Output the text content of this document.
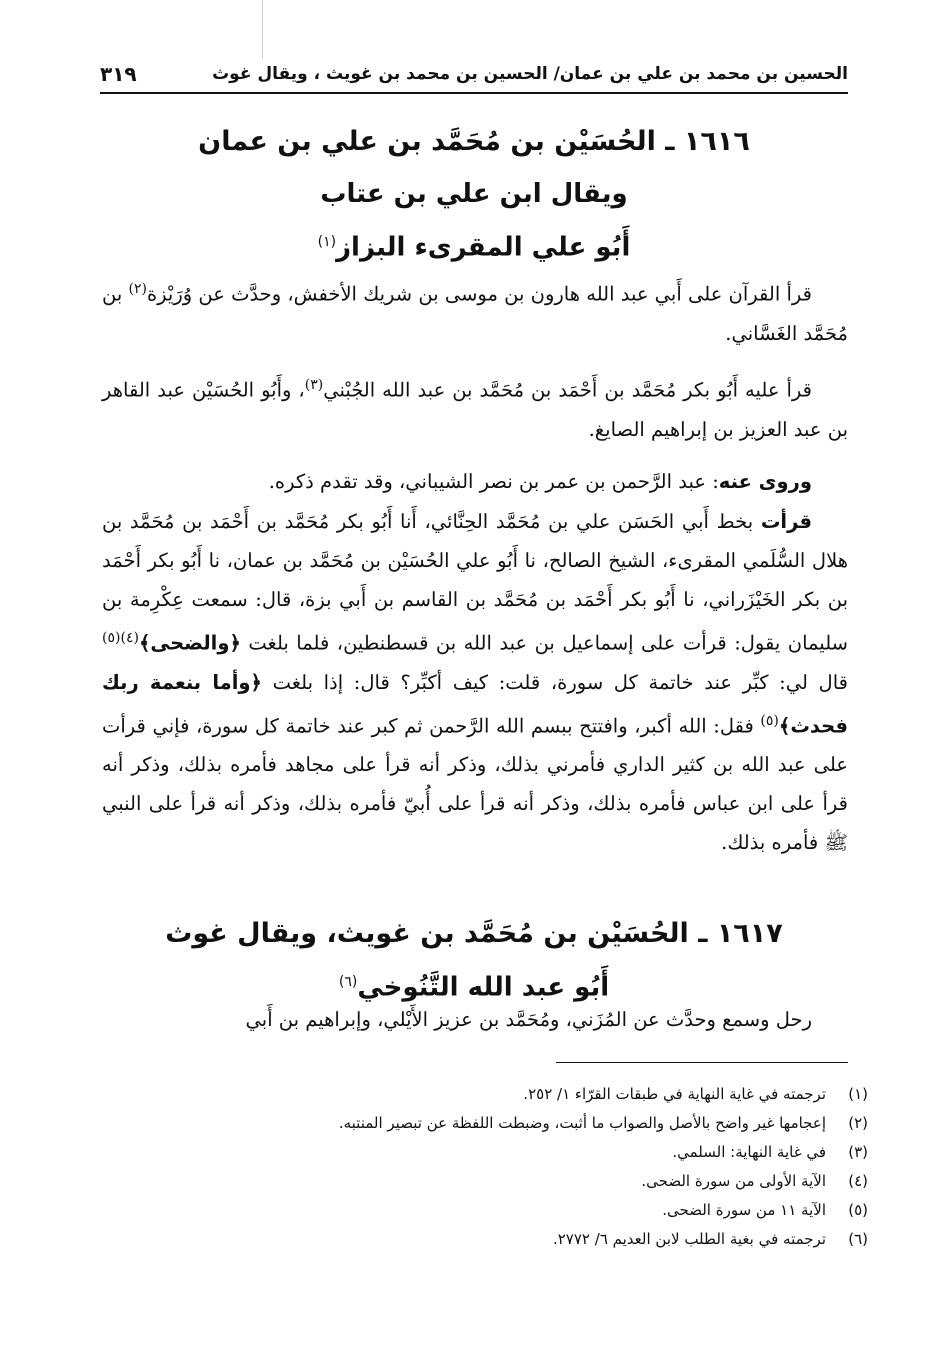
الحسين بن محمد بن علي بن عمان/ الحسين بن محمد بن غويث ، ويقال غوث
٣١٩
١٦١٦ ـ الحُسَيْن بن مُحَمَّد بن علي بن عمان
ويقال ابن علي بن عتاب
أَبُو علي المقرىء البزاز$^{(١)}$

قرأ القرآن على أَبي عبد الله هارون بن موسى بن شريك الأخفش، وحدَّث عن وُرَيْزة$^{(٢)}$ بن مُحَمَّد الغَسَّاني.

قرأ عليه أَبُو بكر مُحَمَّد بن أَحْمَد بن مُحَمَّد بن عبد الله الجُبْني$^{(٣)}$، وأَبُو الحُسَيْن عبد القاهر بن عبد العزيز بن إبراهيم الصايغ.

وروى عنه: عبد الرَّحمن بن عمر بن نصر الشيباني، وقد تقدم ذكره.

قرأت بخط أَبي الحَسَن علي بن مُحَمَّد الحِنَّائي، أَنا أَبُو بكر مُحَمَّد بن أَحْمَد بن مُحَمَّد بن هلال السُّلَمي المقرىء، الشيخ الصالح، نا أَبُو علي الحُسَيْن بن مُحَمَّد بن عمان، نا أَبُو بكر أَحْمَد بن بكر الخَيْزَراني، نا أَبُو بكر أَحْمَد بن مُحَمَّد بن القاسم بن أَبي بزة، قال: سمعت عِكْرِمة بن سليمان يقول: قرأت على إسماعيل بن عبد الله بن قسطنطين، فلما بلغت ﴿والضحى﴾$^{(٤)(٥)}$ قال لي: كبِّر عند خاتمة كل سورة، قلت: كيف أكبِّر؟ قال: إذا بلغت ﴿وأما بنعمة ربك فحدث﴾$^{(٥)}$ فقل: الله أكبر، وافتتح ببسم الله الرَّحمن ثم كبر عند خاتمة كل سورة، فإني قرأت على عبد الله بن كثير الداري فأمرني بذلك، وذكر أنه قرأ على مجاهد فأمره بذلك، وذكر أنه قرأ على ابن عباس فأمره بذلك، وذكر أنه قرأ على أُبيّ فأمره بذلك، وذكر أنه قرأ على النبي ﷺ فأمره بذلك.

١٦١٧ ـ الحُسَيْن بن مُحَمَّد بن غويث، ويقال غوث
أَبُو عبد الله التَّنُوخي$^{(٦)}$

رحل وسمع وحدَّث عن المُزَني، ومُحَمَّد بن عزيز الأَيْلي، وإبراهيم بن أَبي

(١)
ترجمته في غاية النهاية في طبقات القرّاء ١/ ٢٥٢.
(٢)
إعجامها غير واضح بالأصل والصواب ما أثبت، وضبطت اللفظة عن تبصير المنتبه.
(٣)
في غاية النهاية: السلمي.
(٤)
الآية الأولى من سورة الضحى.
(٥)
الآية ١١ من سورة الضحى.
(٦)
ترجمته في بغية الطلب لابن العديم ٦/ ٢٧٧٢.
